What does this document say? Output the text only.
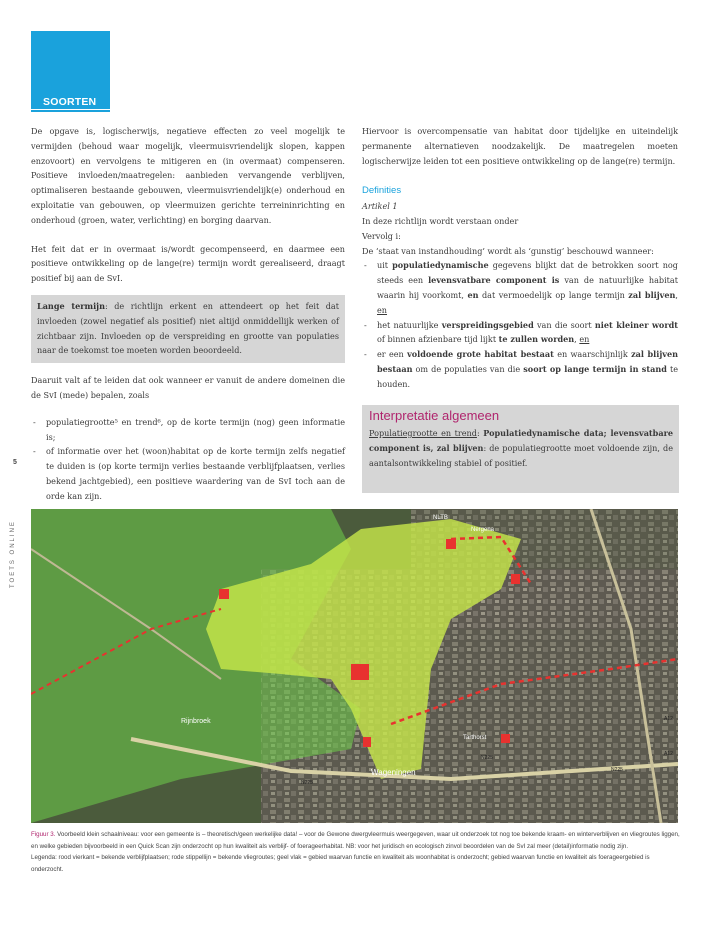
SOORTEN

De opgave is, logischerwijs, negatieve effecten zo veel mogelijk te vermijden (behoud waar mogelijk, vleermuisvriendelijk slopen, kappen enzovoort) en vervolgens te mitigeren en (in overmaat) compenseren. Positieve invloeden/maatregelen: aanbieden vervangende verblijven, optimaliseren bestaande gebouwen, vleermuisvriendelijk(e) onderhoud en exploitatie van gebouwen, op vleermuizen gerichte terreininrichting en onderhoud (groen, water, verlichting) en borging daarvan.

Het feit dat er in overmaat is/wordt gecompenseerd, en daarmee een positieve ontwikkeling op de lange(re) termijn wordt gerealiseerd, draagt positief bij aan de SvI.

Lange termijn: de richtlijn erkent en attendeert op het feit dat invloeden (zowel negatief als positief) niet altijd onmiddellijk werken of zichtbaar zijn. Invloeden op de verspreiding en grootte van populaties naar de toekomst toe moeten worden beoordeeld.

Daaruit valt af te leiden dat ook wanneer er vanuit de andere domeinen die de SvI (mede) bepalen, zoals

- populatiegrootte⁵ en trend⁶, op de korte termijn (nog) geen informatie is;
- of informatie over het (woon)habitat op de korte termijn zelfs negatief te duiden is (op korte termijn verlies bestaande verblijfplaatsen, verlies bekend jachtgebied), een positieve waardering van de SvI toch aan de orde kan zijn.

Hiervoor is overcompensatie van habitat door tijdelijke en uiteindelijk permanente alternatieven noodzakelijk. De maatregelen moeten logischerwijze leiden tot een positieve ontwikkeling op de lange(re) termijn.

Definities

Artikel 1

In deze richtlijn wordt verstaan onder

Vervolg i:

De ‘staat van instandhouding’ wordt als ‘gunstig’ beschouwd wanneer:

- uit populatiedynamische gegevens blijkt dat de betrokken soort nog steeds een levensvatbare component is van de natuurlijke habitat waarin hij voorkomt, en dat vermoedelijk op lange termijn zal blijven, en
- het natuurlijke verspreidingsgebied van die soort niet kleiner wordt of binnen afzienbare tijd lijkt te zullen worden, en
- er een voldoende grote habitat bestaat en waarschijnlijk zal blijven bestaan om de populaties van die soort op lange termijn in stand te houden.
Interpretatie algemeen
Populatiegrootte en trend: Populatiedynamische data; levensvatbare component is, zal blijven: de populatiegrootte moet voldoende zijn, de aantalsontwikkeling stabiel of positief.
5
TOETS ONLINE
NLTB
Nergena
Rijnbroek
Wageningen
N225
N225
N225
Tarthorst
A12
A12
Figuur 3. Voorbeeld klein schaalniveau: voor een gemeente is – theoretisch/geen werkelijke data! – voor de Gewone dwergvleermuis weergegeven, waar uit onderzoek tot nog toe bekende kraam- en winterverblijven en vliegroutes liggen, en welke gebieden bijvoorbeeld in een Quick Scan zijn onderzocht op hun kwaliteit als verblijf- of foerageerhabitat. NB: voor het juridisch en ecologisch zinvol beoordelen van de SvI zal meer (detail)informatie nodig zijn.
Legenda: rood vierkant = bekende verblijfplaatsen; rode stippellijn = bekende vliegroutes; geel vlak = gebied waarvan functie en kwaliteit als woonhabitat is onderzocht; gebied waarvan functie en kwaliteit als foerageergebied is onderzocht.
